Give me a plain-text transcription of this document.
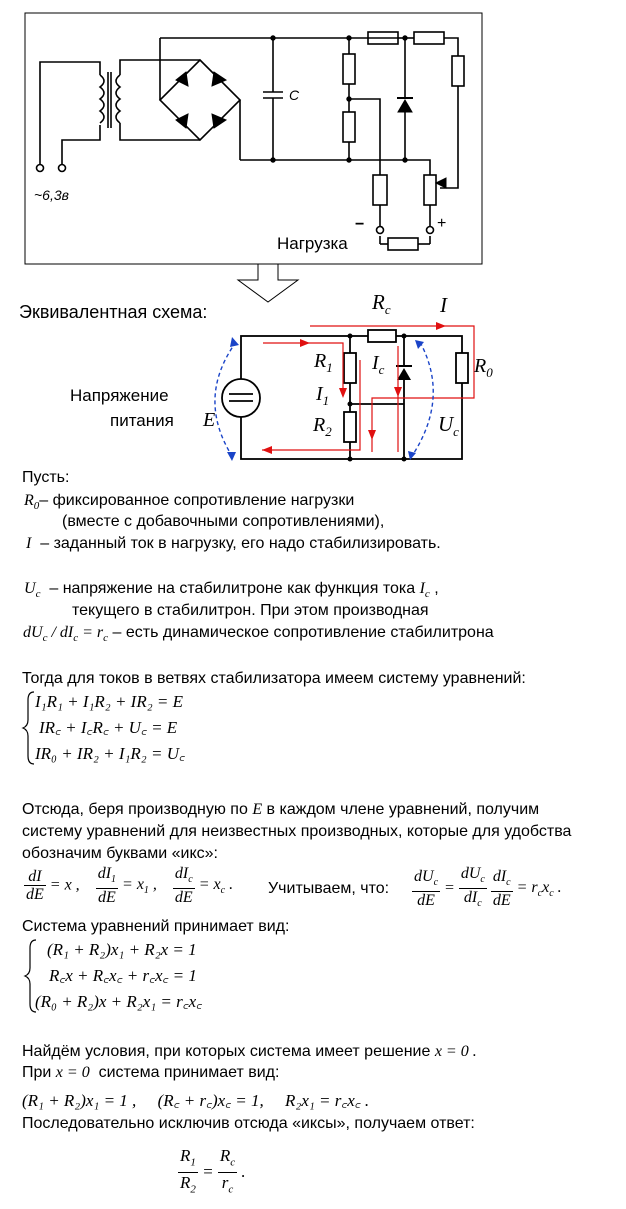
~6,3в
C
−	+
Нагрузка
Эквивалентная схема:
Напряжение
питания E
$R_c$ I
$R_0$
$R_1$
$I_1$
$R_2$
$I_c$
$U_c$
Пусть:
$R_0-$ фиксированное сопротивление нагрузки
(вместе с добавочными сопротивлениями),
I – заданный ток в нагрузку, его надо стабилизировать.
$U_c$ – напряжение на стабилитроне как функция тока $I_c$ ,
текущего в стабилитрон. При этом производная
$dU_c / dI_c = r_c$ – есть динамическое сопротивление стабилитрона
Тогда для токов в ветвях стабилизатора имеем систему уравнений:
I₁R₁ + I₁R₂ + IR₂ = E
IR꜀ + I꜀R꜀ + U꜀ = E
IR₀ + IR₂ + I₁R₂ = U꜀
Отсюда, беря производную по E в каждом члене уравнений, получим
систему уравнений для неизвестных производных, которые для удобства
обозначим буквами «икс»:
$\frac{dI}{dE} = x$ , $\frac{dI_1}{dE} = x_1$ , $\frac{dI_c}{dE} = x_c$ . Учитываем, что: $\frac{dU_c}{dE} = \frac{dU_c}{dI_c}$
$\frac{dI_c}{dE} = r_cx_c$ .
Система уравнений принимает вид:
(R₁ + R₂)x₁ + R₂x = 1
R꜀x + R꜀x꜀ + r꜀x꜀ = 1
(R₀ + R₂)x + R₂x₁ = r꜀x꜀
Найдём условия, при которых система имеет решение x = 0 .
При x = 0 система принимает вид:
(R₁ + R₂)x₁ = 1 , (R꜀ + r꜀)x꜀ = 1, R₂x₁ = r꜀x꜀ .
Последовательно исключив отсюда «иксы», получаем ответ:
$\frac{R_1}{R_2} = \frac{R_c}{r_c}$ .
